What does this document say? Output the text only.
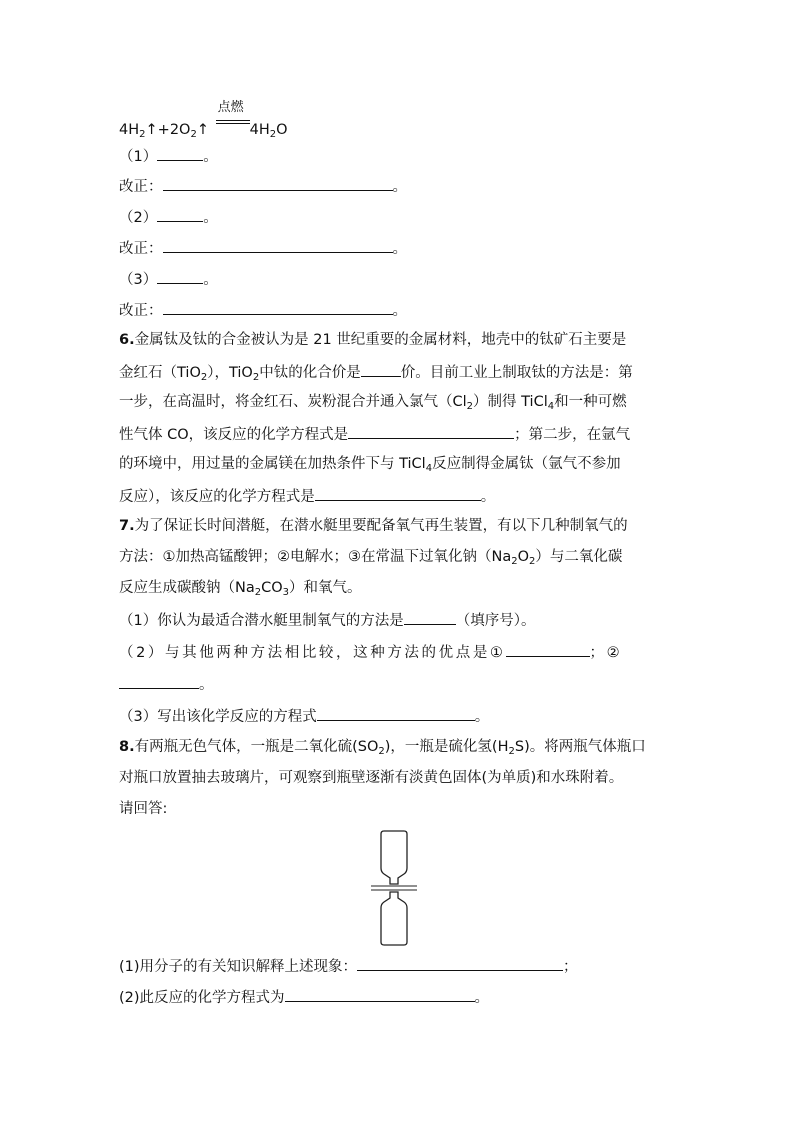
$4H_2↑+2O_2↑$
点燃
$4H_2O$
（1）	。
改正：	。
（2）	。
改正：	。
（3）	。
改正：	。
6.金属钛及钛的合金被认为是 21 世纪重要的金属材料，地壳中的钛矿石主要是
金红石（TiO$_2$），TiO$_2$中钛的化合价是	价。目前工业上制取钛的方法是：第
一步，在高温时，将金红石、炭粉混合并通入氯气$(Cl_2)$制得 TiCl$_4$和一种可燃
性气体 CO，该反应的化学方程式是	；第二步，在氩气
的环境中，用过量的金属镁在加热条件下与 TiCl$_4$反应制得金属钛（氩气不参加
反应），该反应的化学方程式是	。
7.为了保证长时间潜艇，在潜水艇里要配备氧气再生装置，有以下几种制氧气的
方法：①加热高锰酸钾；②电解水；③在常温下过氧化钠$(Na_2O_2)$与二氧化碳
反应生成碳酸钠$(Na_2CO_3)$和氧气。
（1）你认为最适合潜水艇里制氧气的方法是	（填序号）。
（2）与其他两种方法相比较，这种方法的优点是①	；②
。
（3）写出该化学反应的方程式	。
8.有两瓶无色气体，一瓶是二氧化硫$(SO_2)$，一瓶是硫化氢$(H_2S)$。将两瓶气体瓶口
对瓶口放置抽去玻璃片，可观察到瓶壁逐渐有淡黄色固体(为单质)和水珠附着。
请回答:
(1)用分子的有关知识解释上述现象：	；
(2)此反应的化学方程式为	。
